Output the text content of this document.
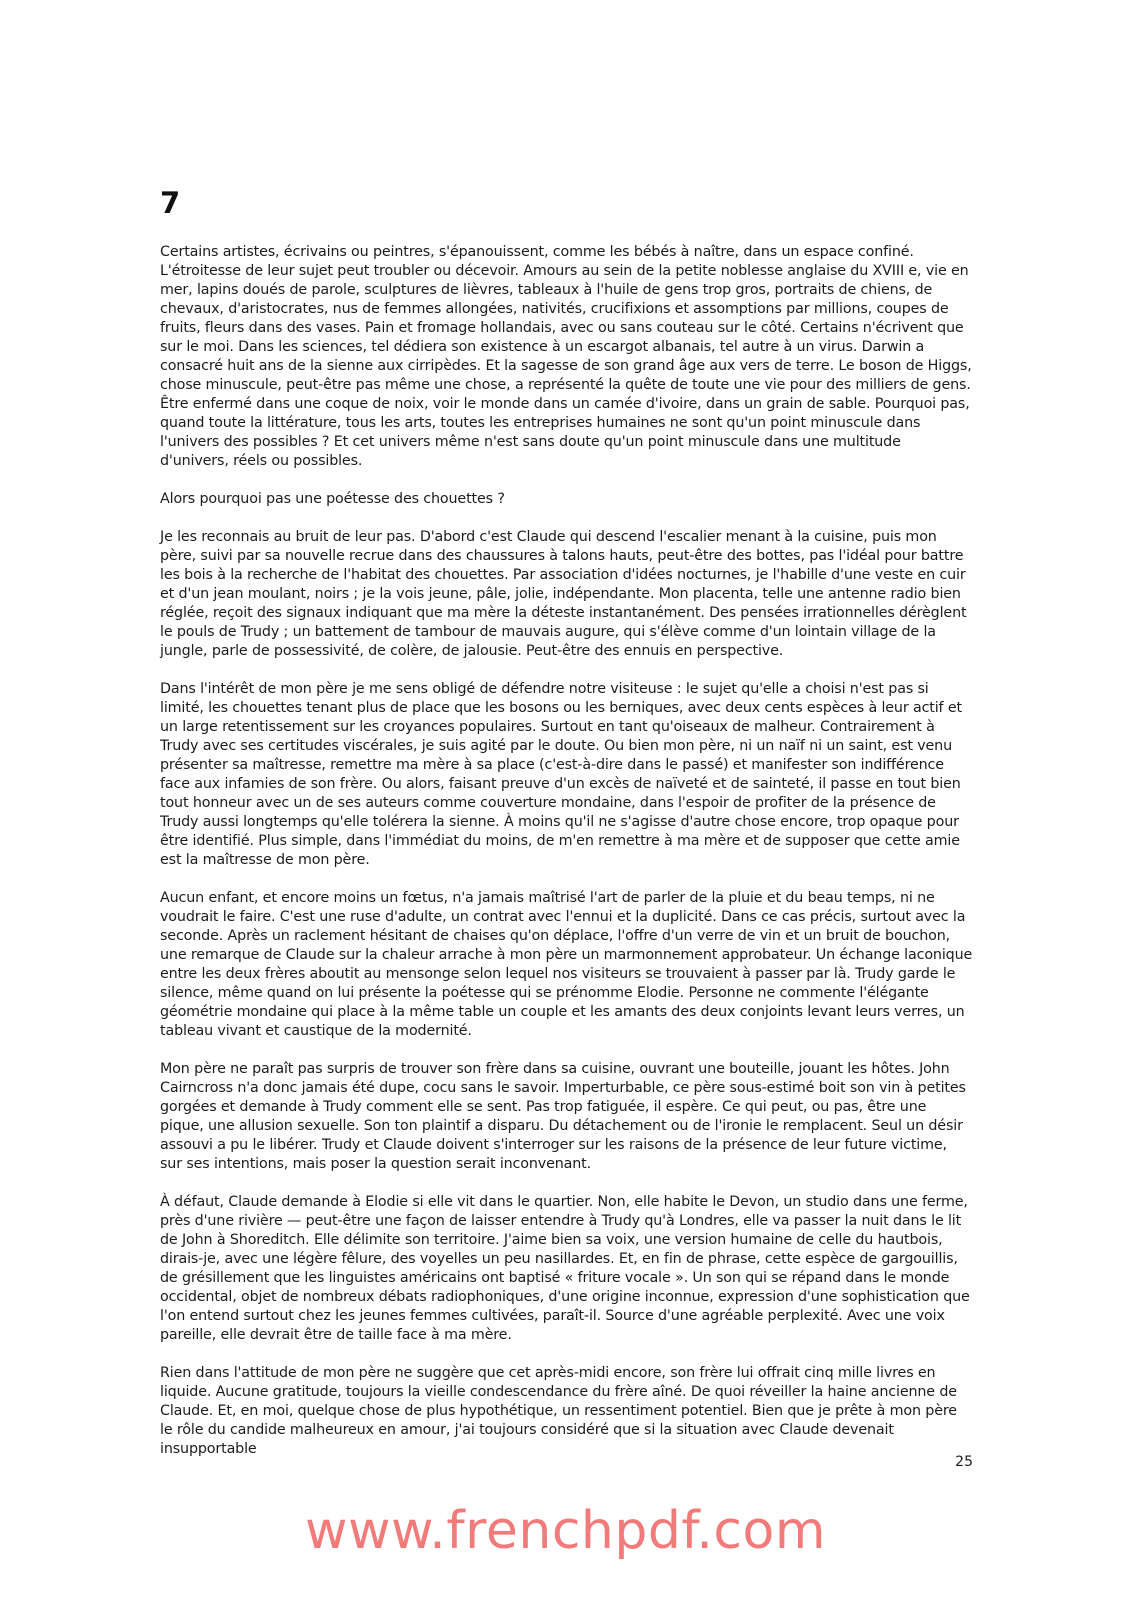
7

Certains artistes, écrivains ou peintres, s'épanouissent, comme les bébés à naître, dans un espace confiné. L'étroitesse de leur sujet peut troubler ou décevoir. Amours au sein de la petite noblesse anglaise du XVIII e, vie en mer, lapins doués de parole, sculptures de lièvres, tableaux à l'huile de gens trop gros, portraits de chiens, de chevaux, d'aristocrates, nus de femmes allongées, nativités, crucifixions et assomptions par millions, coupes de fruits, fleurs dans des vases. Pain et fromage hollandais, avec ou sans couteau sur le côté. Certains n'écrivent que sur le moi. Dans les sciences, tel dédiera son existence à un escargot albanais, tel autre à un virus. Darwin a consacré huit ans de la sienne aux cirripèdes. Et la sagesse de son grand âge aux vers de terre. Le boson de Higgs, chose minuscule, peut-être pas même une chose, a représenté la quête de toute une vie pour des milliers de gens. Être enfermé dans une coque de noix, voir le monde dans un camée d'ivoire, dans un grain de sable. Pourquoi pas, quand toute la littérature, tous les arts, toutes les entreprises humaines ne sont qu'un point minuscule dans l'univers des possibles ? Et cet univers même n'est sans doute qu'un point minuscule dans une multitude d'univers, réels ou possibles.

Alors pourquoi pas une poétesse des chouettes ?

Je les reconnais au bruit de leur pas. D'abord c'est Claude qui descend l'escalier menant à la cuisine, puis mon père, suivi par sa nouvelle recrue dans des chaussures à talons hauts, peut-être des bottes, pas l'idéal pour battre les bois à la recherche de l'habitat des chouettes. Par association d'idées nocturnes, je l'habille d'une veste en cuir et d'un jean moulant, noirs ; je la vois jeune, pâle, jolie, indépendante. Mon placenta, telle une antenne radio bien réglée, reçoit des signaux indiquant que ma mère la déteste instantanément. Des pensées irrationnelles dérèglent le pouls de Trudy ; un battement de tambour de mauvais augure, qui s'élève comme d'un lointain village de la jungle, parle de possessivité, de colère, de jalousie. Peut-être des ennuis en perspective.

Dans l'intérêt de mon père je me sens obligé de défendre notre visiteuse : le sujet qu'elle a choisi n'est pas si limité, les chouettes tenant plus de place que les bosons ou les berniques, avec deux cents espèces à leur actif et un large retentissement sur les croyances populaires. Surtout en tant qu'oiseaux de malheur. Contrairement à Trudy avec ses certitudes viscérales, je suis agité par le doute. Ou bien mon père, ni un naïf ni un saint, est venu présenter sa maîtresse, remettre ma mère à sa place (c'est-à-dire dans le passé) et manifester son indifférence face aux infamies de son frère. Ou alors, faisant preuve d'un excès de naïveté et de sainteté, il passe en tout bien tout honneur avec un de ses auteurs comme couverture mondaine, dans l'espoir de profiter de la présence de Trudy aussi longtemps qu'elle tolérera la sienne. À moins qu'il ne s'agisse d'autre chose encore, trop opaque pour être identifié. Plus simple, dans l'immédiat du moins, de m'en remettre à ma mère et de supposer que cette amie est la maîtresse de mon père.

Aucun enfant, et encore moins un fœtus, n'a jamais maîtrisé l'art de parler de la pluie et du beau temps, ni ne voudrait le faire. C'est une ruse d'adulte, un contrat avec l'ennui et la duplicité. Dans ce cas précis, surtout avec la seconde. Après un raclement hésitant de chaises qu'on déplace, l'offre d'un verre de vin et un bruit de bouchon, une remarque de Claude sur la chaleur arrache à mon père un marmonnement approbateur. Un échange laconique entre les deux frères aboutit au mensonge selon lequel nos visiteurs se trouvaient à passer par là. Trudy garde le silence, même quand on lui présente la poétesse qui se prénomme Elodie. Personne ne commente l'élégante géométrie mondaine qui place à la même table un couple et les amants des deux conjoints levant leurs verres, un tableau vivant et caustique de la modernité.

Mon père ne paraît pas surpris de trouver son frère dans sa cuisine, ouvrant une bouteille, jouant les hôtes. John Cairncross n'a donc jamais été dupe, cocu sans le savoir. Imperturbable, ce père sous-estimé boit son vin à petites gorgées et demande à Trudy comment elle se sent. Pas trop fatiguée, il espère. Ce qui peut, ou pas, être une pique, une allusion sexuelle. Son ton plaintif a disparu. Du détachement ou de l'ironie le remplacent. Seul un désir assouvi a pu le libérer. Trudy et Claude doivent s'interroger sur les raisons de la présence de leur future victime, sur ses intentions, mais poser la question serait inconvenant.

À défaut, Claude demande à Elodie si elle vit dans le quartier. Non, elle habite le Devon, un studio dans une ferme, près d'une rivière — peut-être une façon de laisser entendre à Trudy qu'à Londres, elle va passer la nuit dans le lit de John à Shoreditch. Elle délimite son territoire. J'aime bien sa voix, une version humaine de celle du hautbois, dirais-je, avec une légère fêlure, des voyelles un peu nasillardes. Et, en fin de phrase, cette espèce de gargouillis, de grésillement que les linguistes américains ont baptisé « friture vocale ». Un son qui se répand dans le monde occidental, objet de nombreux débats radiophoniques, d'une origine inconnue, expression d'une sophistication que l'on entend surtout chez les jeunes femmes cultivées, paraît-il. Source d'une agréable perplexité. Avec une voix pareille, elle devrait être de taille face à ma mère.

Rien dans l'attitude de mon père ne suggère que cet après-midi encore, son frère lui offrait cinq mille livres en liquide. Aucune gratitude, toujours la vieille condescendance du frère aîné. De quoi réveiller la haine ancienne de Claude. Et, en moi, quelque chose de plus hypothétique, un ressentiment potentiel. Bien que je prête à mon père le rôle du candide malheureux en amour, j'ai toujours considéré que si la situation avec Claude devenait insupportable

25
www.frenchpdf.com
